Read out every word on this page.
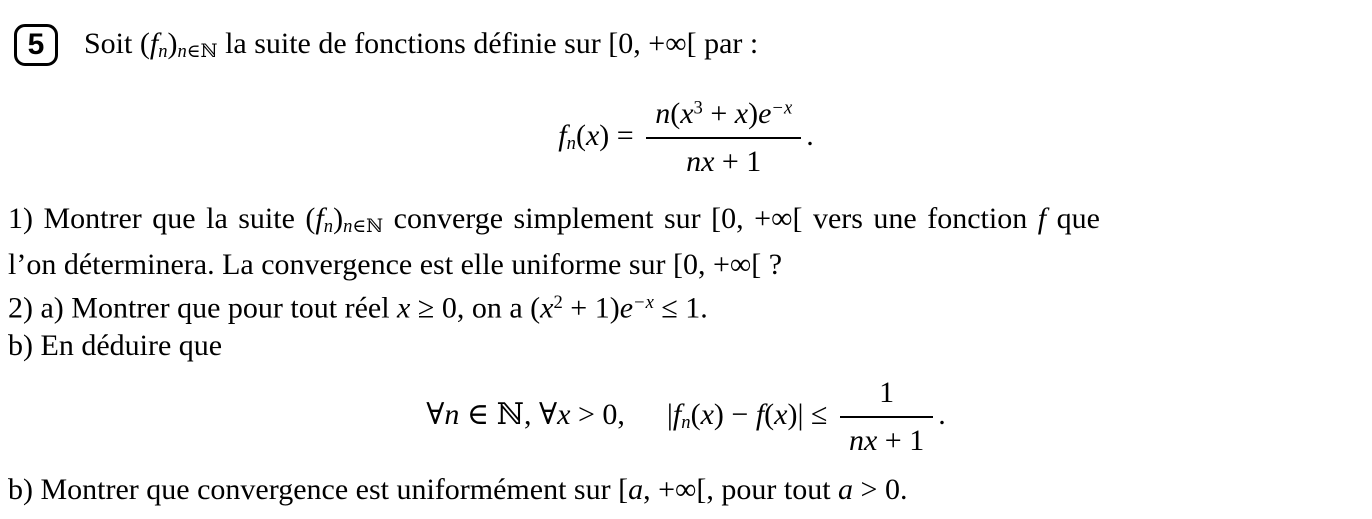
5 Soit $(f_n)_{n\in ℕ}$ la suite de fonctions définie sur [0, +∞[ par :
$f_n(x) = \frac{n(x^3 + x)e^{-x}}{nx + 1}$ .
1) Montrer que la suite $(f_n)_{n\in ℕ}$ converge simplement sur [0, +∞[ vers une fonction f que
l’on déterminera. La convergence est elle uniforme sur [0, +∞[ ?
2) a) Montrer que pour tout réel x ≥ 0, on a $(x^2 + 1)e^{-x} \le 1$.
b) En déduire que
∀n ∈ ℕ, ∀x > 0, $|f_n(x) - f(x)| \le \frac{1}{nx + 1}$ .
b) Montrer que convergence est uniformément sur [a, +∞[, pour tout a > 0.
